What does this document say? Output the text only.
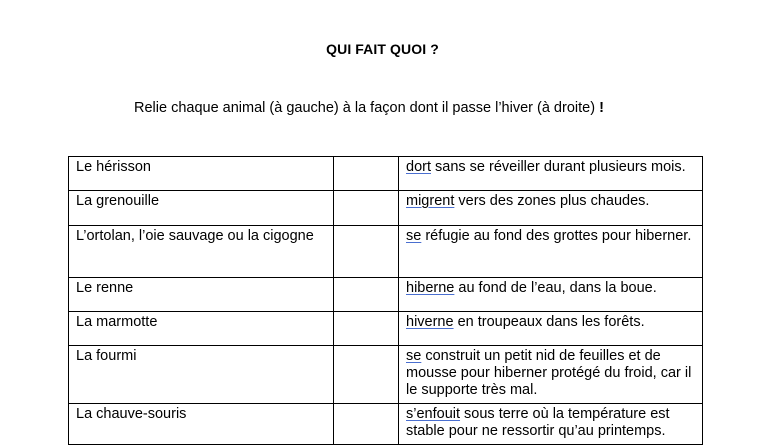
QUI FAIT QUOI ?
Relie chaque animal (à gauche) à la façon dont il passe l’hiver (à droite) !
Le hérisson		dort sans se réveiller durant plusieurs mois.
La grenouille		migrent vers des zones plus chaudes.
L’ortolan, l’oie sauvage ou la cigogne		se réfugie au fond des grottes pour hiberner.
Le renne		hiberne au fond de l’eau, dans la boue.
La marmotte		hiverne en troupeaux dans les forêts.
La fourmi		se construit un petit nid de feuilles et de mousse pour hiberner protégé du froid, car il le supporte très mal.
La chauve-souris		s’enfouit sous terre où la température est stable pour ne ressortir qu’au printemps.
